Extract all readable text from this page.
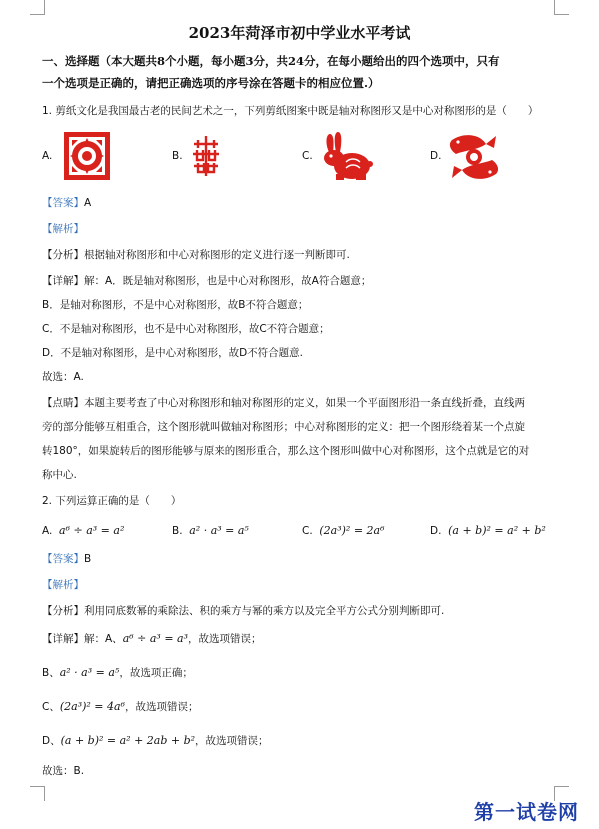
2023年菏泽市初中学业水平考试
一、选择题（本大题共8个小题，每小题3分，共24分，在每小题给出的四个选项中，只有
一个选项是正确的，请把正确选项的序号涂在答题卡的相应位置.）
1. 剪纸文化是我国最古老的民间艺术之一，下列剪纸图案中既是轴对称图形又是中心对称图形的是（　　）
A.	B.	C.	D.
【答案】A
【解析】
【分析】根据轴对称图形和中心对称图形的定义进行逐一判断即可.
【详解】解：A．既是轴对称图形，也是中心对称图形，故A符合题意；
B．是轴对称图形，不是中心对称图形，故B不符合题意；
C．不是轴对称图形，也不是中心对称图形，故C不符合题意；
D．不是轴对称图形，是中心对称图形，故D不符合题意.
故选：A.
【点睛】本题主要考查了中心对称图形和轴对称图形的定义，如果一个平面图形沿一条直线折叠，直线两
旁的部分能够互相重合，这个图形就叫做轴对称图形；中心对称图形的定义：把一个图形绕着某一个点旋
转180°，如果旋转后的图形能够与原来的图形重合，那么这个图形叫做中心对称图形，这个点就是它的对
称中心.
2. 下列运算正确的是（　　）
A. a⁶ ÷ a³ = a²	B. a² · a³ = a⁵	C. (2a³)² = 2a⁶	D. (a + b)² = a² + b²
【答案】B
【解析】
【分析】利用同底数幂的乘除法、积的乘方与幂的乘方以及完全平方公式分别判断即可.
【详解】解：A、a⁶ ÷ a³ = a³，故选项错误；
B、a² · a³ = a⁵，故选项正确；
C、(2a³)² = 4a⁶，故选项错误；
D、(a + b)² = a² + 2ab + b²，故选项错误；
故选：B.
第一试卷网
